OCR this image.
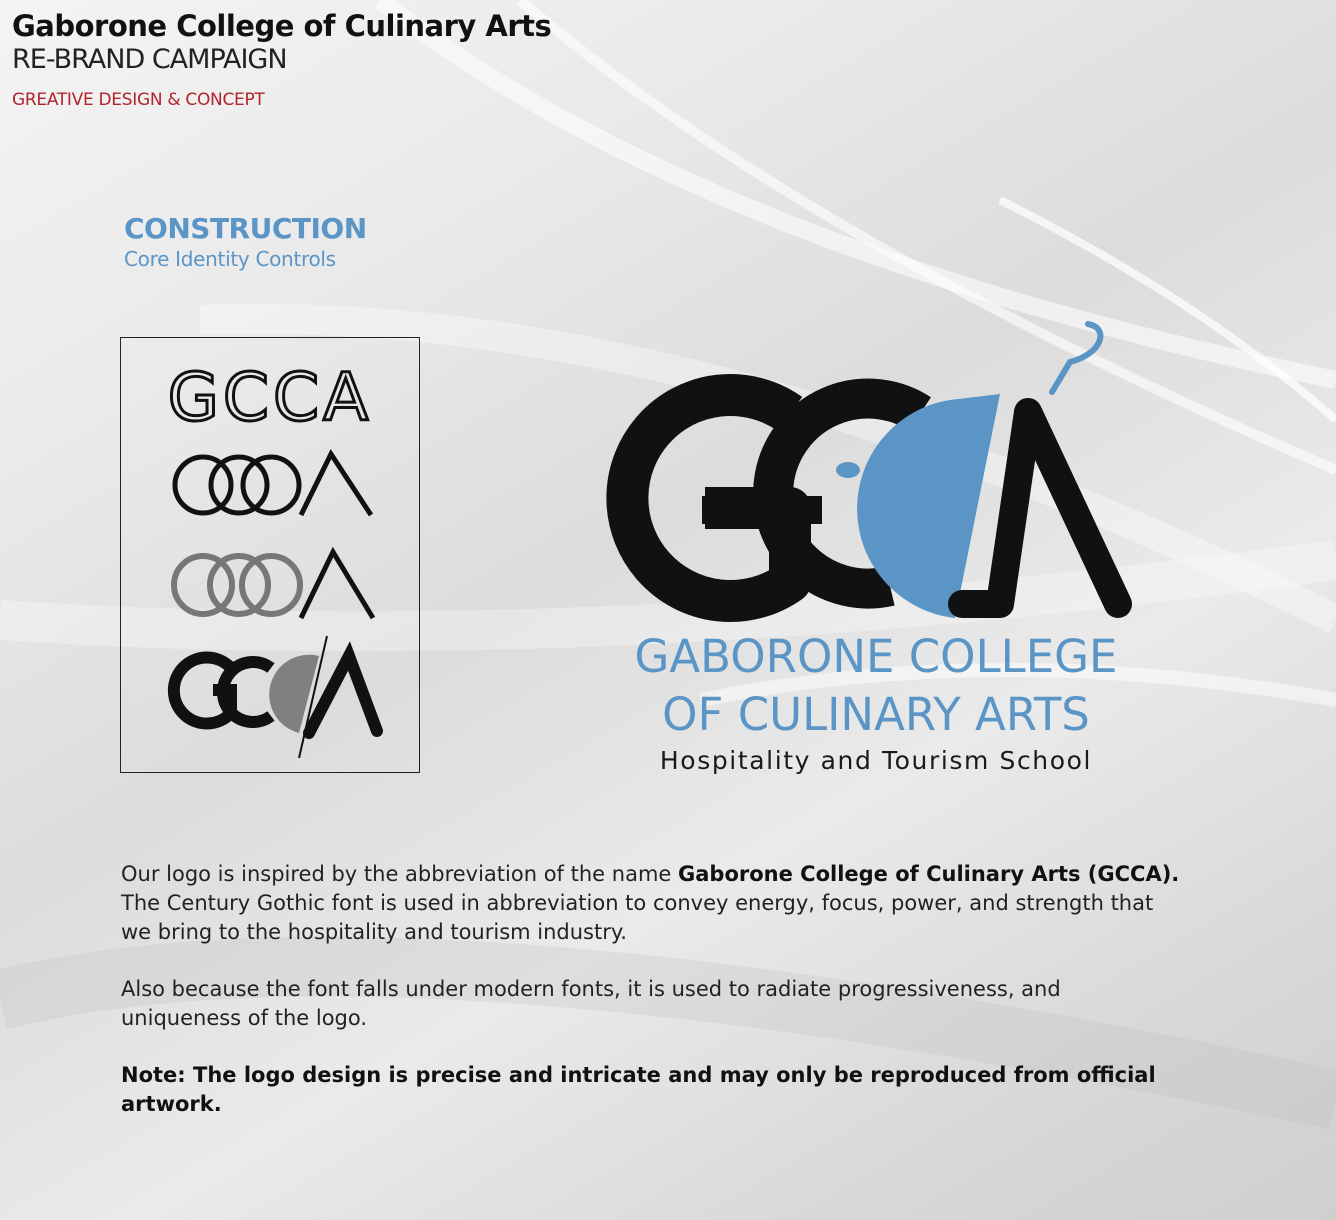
Gaborone College of Culinary Arts
RE-BRAND CAMPAIGN
GREATIVE DESIGN & CONCEPT
CONSTRUCTION
Core Identity Controls
GCCA
GABORONE COLLEGE
OF CULINARY ARTS
Hospitality and Tourism School

Our logo is inspired by the abbreviation of the name Gaborone College of Culinary Arts (GCCA). The Century Gothic font is used in abbreviation to convey energy, focus, power, and strength that we bring to the hospitality and tourism industry.

Also because the font falls under modern fonts, it is used to radiate progressiveness, and uniqueness of the logo.

Note: The logo design is precise and intricate and may only be reproduced from official artwork.
